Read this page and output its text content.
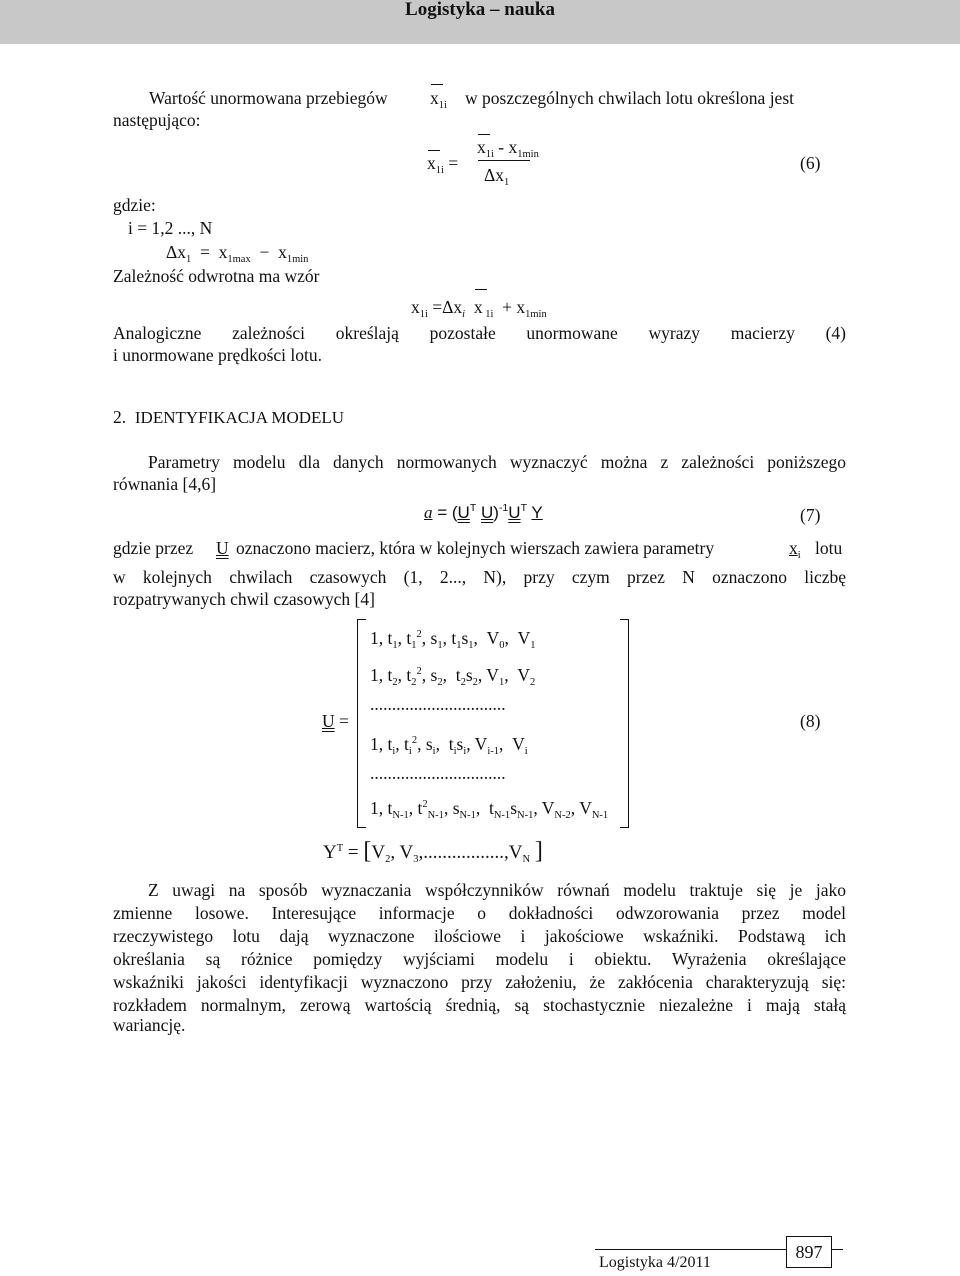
Logistyka – nauka
Wartość unormowana przebiegów $x_{1i}$ w poszczególnych chwilach lotu określona jest
następująco:
$x_{1i}$ =
$x_{1i} - x_{1min}$
$\Delta x_1$
(6)
gdzie:
i = 1,2 ..., N
$\Delta x_1 = x_{1max} - x_{1min}$
Zależność odwrotna ma wzór
$x_{1i} =\Delta x_i$ x $_{1i} + x_{1min}$
Analogiczne zależności określają pozostałe unormowane wyrazy macierzy (4)
i unormowane prędkości lotu.
2. IDENTYFIKACJA MODELU
Parametry modelu dla danych normowanych wyznaczyć można z zależności poniższego
równania [4,6]
$a = (U^T$ $U)^{-1}U^T$ Y	(7)
gdzie przez U oznaczono macierz, która w kolejnych wierszach zawiera parametry	$x_i$ lotu
w kolejnych chwilach czasowych (1, 2..., N), przy czym przez N oznaczono liczbę
rozpatrywanych chwil czasowych [4]
U =
1, $t_1$, $t_1^2$, $s_1$, $t_1s_1$,  $V_0$,  $V_1$
1, $t_2$, $t_2^2$, $s_2$,  $t_2s_2$, $V_1$,  $V_2$
...............................
1, $t_i$, $t_i^2$, $s_i$,  $t_is_i$, $V_{i-1}$,  $V_i$
...............................
1, $t_{N-1}$, $t^2_{N-1}$, $s_{N-1}$,  $t_{N-1}s_{N-1}$, $V_{N-2}$, $V_{N-1}$
(8)
$Y^T = [V_2$, $V_3,.................,V_N$ ]
Z uwagi na sposób wyznaczania współczynników równań modelu traktuje się je jako
zmienne losowe. Interesujące informacje o dokładności odwzorowania przez model
rzeczywistego lotu dają wyznaczone ilościowe i jakościowe wskaźniki. Podstawą ich
określania są różnice pomiędzy wyjściami modelu i obiektu. Wyrażenia określające
wskaźniki jakości identyfikacji wyznaczono przy założeniu, że zakłócenia charakteryzują się:
rozkładem normalnym, zerową wartością średnią, są stochastycznie niezależne i mają stałą
wariancję.
Logistyka 4/2011
897
